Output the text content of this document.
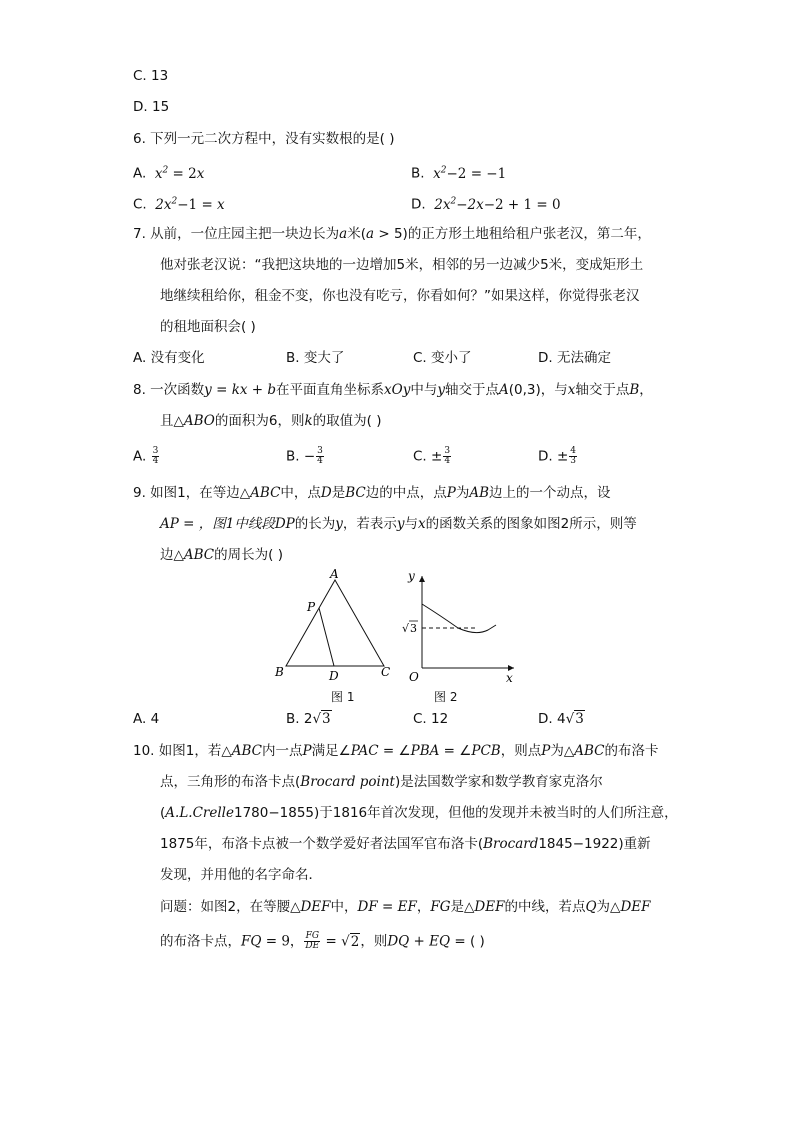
C. 13
D. 15
6. 下列一元二次方程中，没有实数根的是( )
A.  $x^2 = 2x$	B.  $x^2-2 = -1$
C.  $2x^2-1 = x$	D.  $2x^2-2x-2 + 1 = 0$
7. 从前，一位庄园主把一块边长为a米(a > 5)的正方形土地租给租户张老汉，第二年，
他对张老汉说：“我把这块地的一边增加5米，相邻的另一边减少5米，变成矩形土
地继续租给你，租金不变，你也没有吃亏，你看如何？”如果这样，你觉得张老汉
的租地面积会( )
A. 没有变化	B. 变大了	C. 变小了	D. 无法确定
8. 一次函数y = kx + b在平面直角坐标系xOy中与y轴交于点A(0,3)，与x轴交于点B，
且△ABO的面积为6，则k的取值为( )
A. $\frac{3}{4}$	B. − $\frac{3}{4}$	C. ± $\frac{3}{4}$	D. ± $\frac{4}{3}$
9. 如图1，在等边△ABC中，点D是BC边的中点，点P为AB边上的一个动点，设
AP = ，图1中线段DP的长为y，若表示y与x的函数关系的图象如图2所示，则等
边△ABC的周长为( )
A
B	C
P
D
y
x
O
√ 3
图 1	图 2
A. 4	B. 2√3	C. 12	D. 4√3
10. 如图1，若△ABC内一点P满足∠PAC = ∠PBA = ∠PCB，则点P为△ABC的布洛卡
点，三角形的布洛卡点(Brocard point)是法国数学家和数学教育家克洛尔
(A.L.Crelle1780−1855)于1816年首次发现，但他的发现并未被当时的人们所注意，
1875年，布洛卡点被一个数学爱好者法国军官布洛卡(Brocard1845−1922)重新
发现，并用他的名字命名．
问题：如图2，在等腰△DEF中，DF = EF，FG是△DEF的中线，若点Q为△DEF
的布洛卡点，FQ = 9， $\frac{FG}{DE} = √2$，则DQ + EQ = ( )
